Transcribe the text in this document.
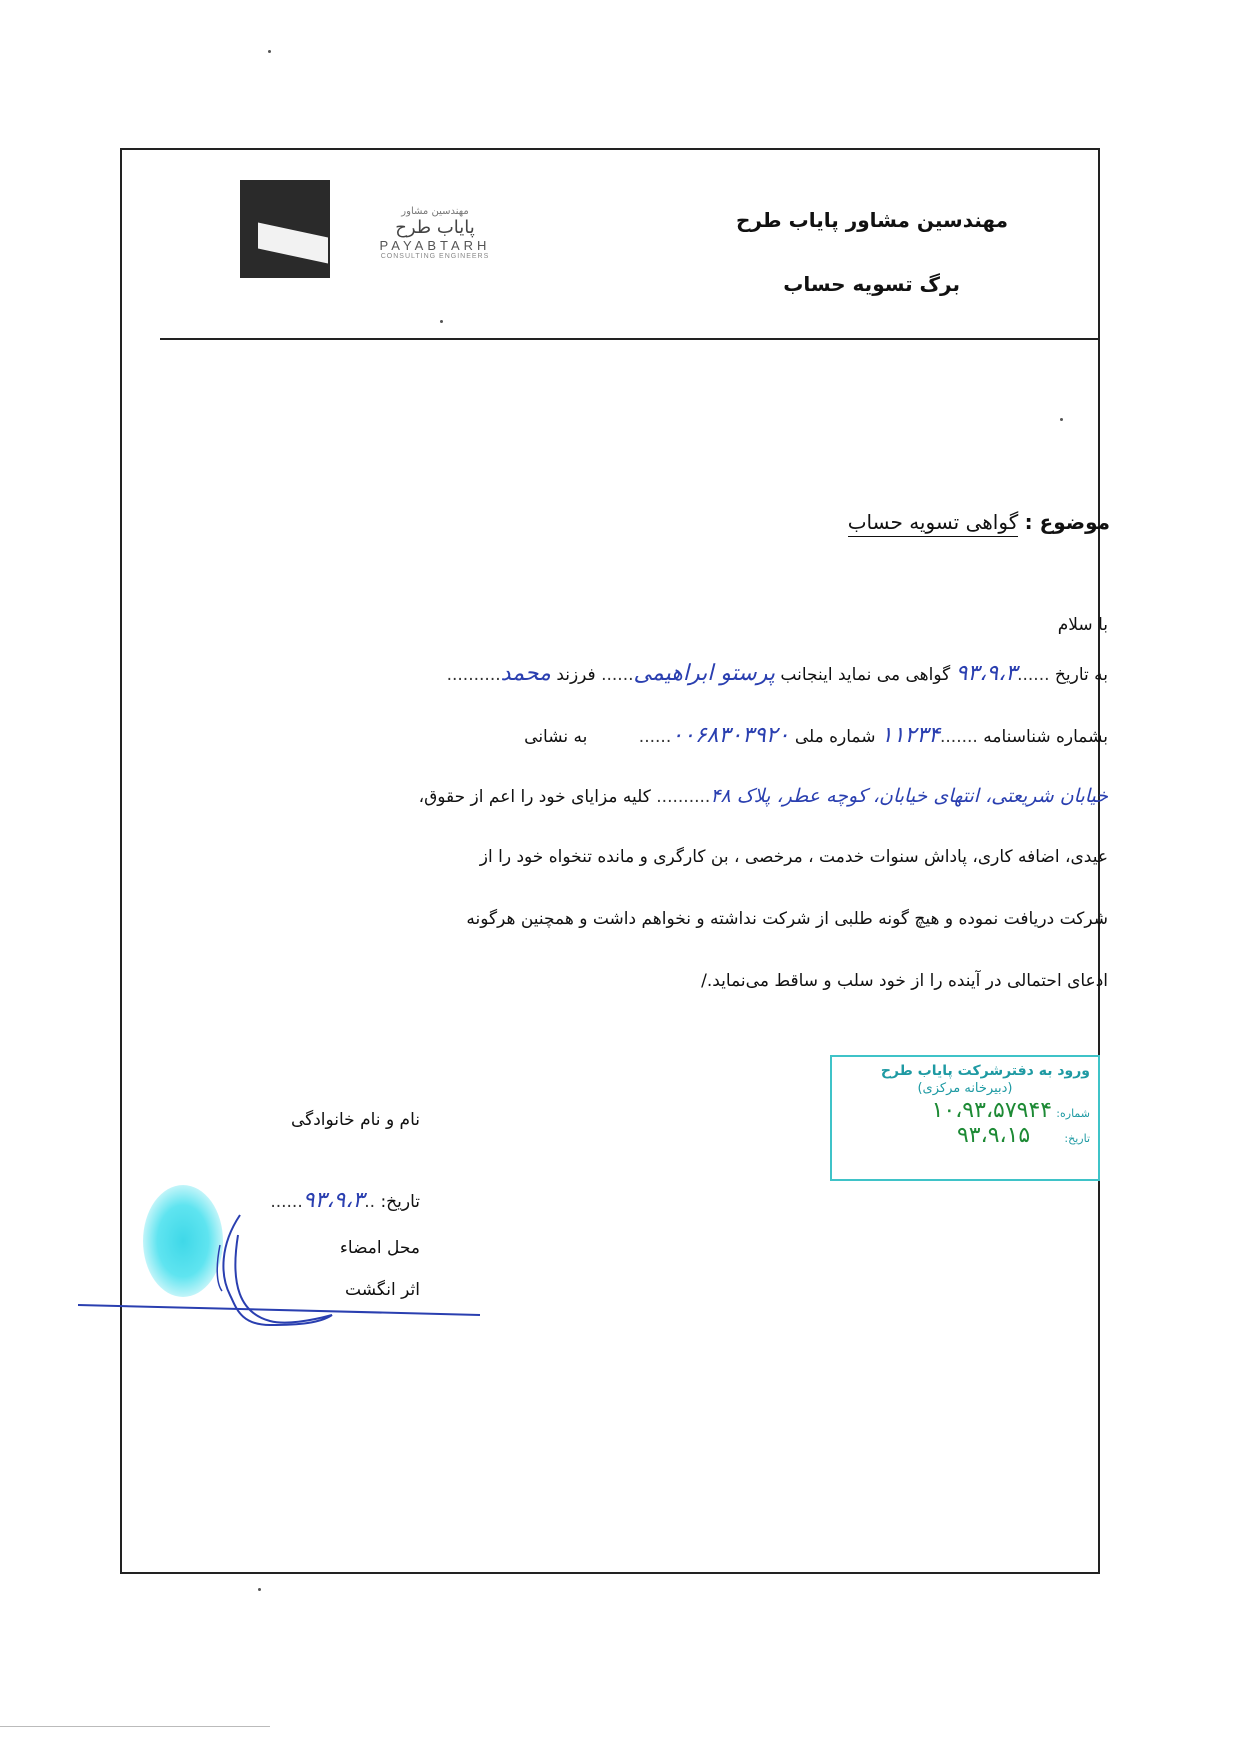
مهندسین مشاور
پایاب طرح
PAYABTARH
CONSULTING ENGINEERS
مهندسین مشاور پایاب طرح
برگ تسویه حساب
موضوع : گواهی تسویه حساب
با سلام
به تاریخ ......۹۳،۹،۳ گواهی می نماید اینجانب پرستو ابراهیمی...... فرزند محمد..........
بشماره شناسنامه .......۱۱۲۳۴ شماره ملی ۰۰۶۸۳۰۳۹۲۰...... به نشانی
خیابان شریعتی، انتهای خیابان، کوچه عطر، پلاک ۴۸.......... کلیه مزایای خود را اعم از حقوق،
عیدی، اضافه کاری، پاداش سنوات خدمت ، مرخصی ، بن کارگری و مانده تنخواه خود را از
شرکت دریافت نموده و هیچ گونه طلبی از شرکت نداشته و نخواهم داشت و همچنین هرگونه
ادعای احتمالی در آینده را از خود سلب و ساقط می‌نماید./
ورود به دفترشرکت پایاب طرح
(دبیرخانه مرکزی)
شماره: ۱۰،۹۳،۵۷۹۴۴
تاریخ: ۹۳،۹،۱۵
نام و نام خانوادگی
تاریخ: ..۹۳،۹،۳......
محل امضاء
اثر انگشت
